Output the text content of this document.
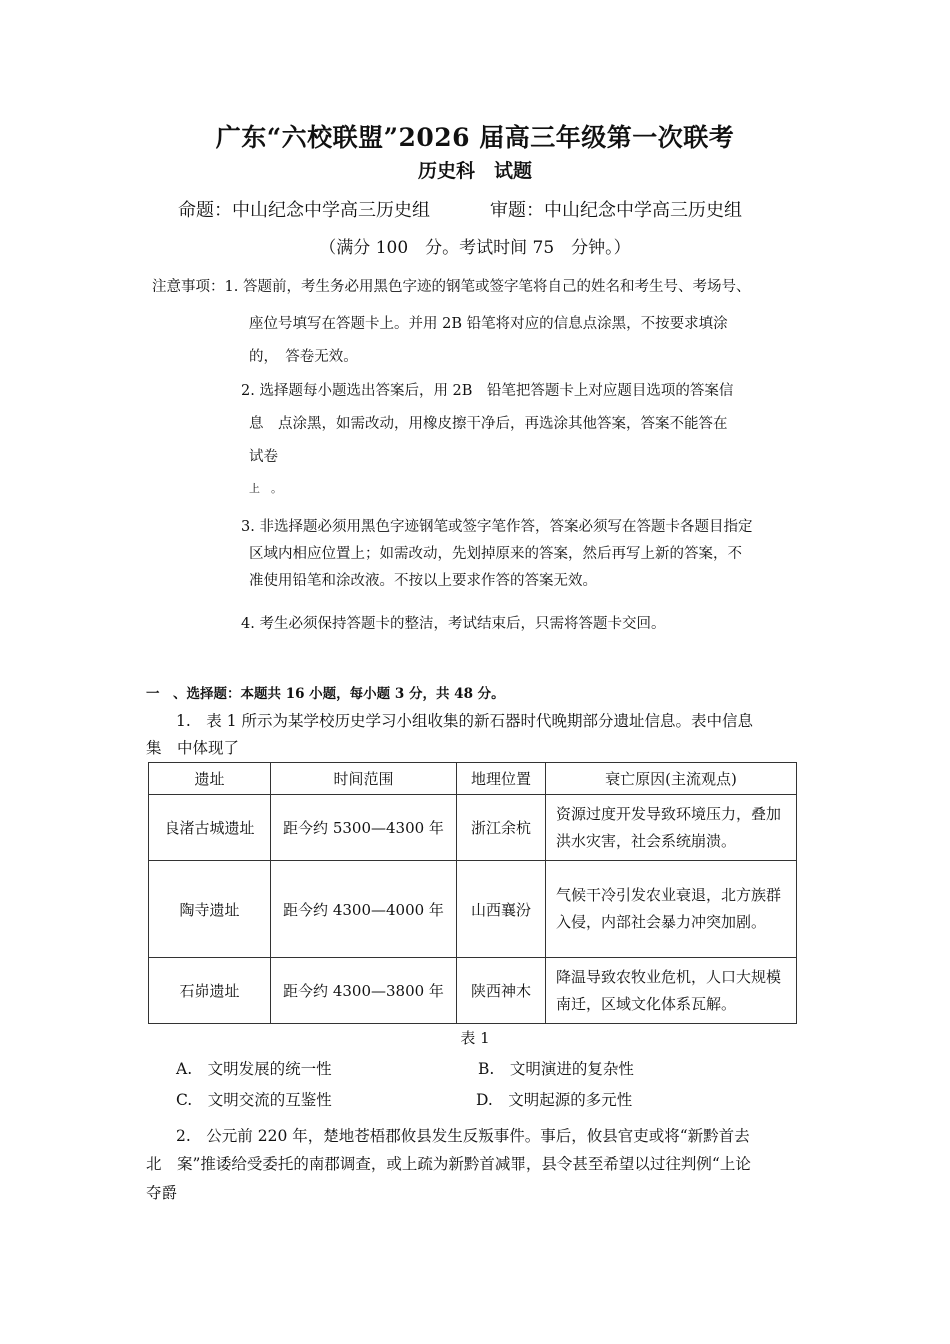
广东“六校联盟”2026 届高三年级第一次联考
历史科　试题
命题：中山纪念中学高三历史组	审题：中山纪念中学高三历史组
（满分 100　分。考试时间 75　分钟。）
注意事项：1. 答题前，考生务必用黑色字迹的钢笔或签字笔将自己的姓名和考生号、考场号、
座位号填写在答题卡上。并用 2B 铅笔将对应的信息点涂黑，不按要求填涂
的，　答卷无效。
2. 选择题每小题选出答案后，用 2B　铅笔把答题卡上对应题目选项的答案信
息　点涂黑，如需改动，用橡皮擦干净后，再选涂其他答案，答案不能答在
试卷
上　。
3. 非选择题必须用黑色字迹钢笔或签字笔作答，答案必须写在答题卡各题目指定
区域内相应位置上；如需改动，先划掉原来的答案，然后再写上新的答案，不
准使用铅笔和涂改液。不按以上要求作答的答案无效。
4. 考生必须保持答题卡的整洁，考试结束后，只需将答题卡交回。
一　、选择题：本题共 16 小题，每小题 3 分，共 48 分。
1.　表 1 所示为某学校历史学习小组收集的新石器时代晚期部分遗址信息。表中信息
集　中体现了
遗址	时间范围	地理位置	衰亡原因(主流观点)
良渚古城遗址	距今约 5300—4300 年	浙江余杭	资源过度开发导致环境压力，叠加洪水灾害，社会系统崩溃。
陶寺遗址	距今约 4300—4000 年	山西襄汾	气候干冷引发农业衰退，北方族群入侵，内部社会暴力冲突加剧。
石峁遗址	距今约 4300—3800 年	陕西神木	降温导致农牧业危机，人口大规模南迁，区域文化体系瓦解。
表 1
A.　文明发展的统一性	B.　文明演进的复杂性
C.　文明交流的互鉴性	D.　文明起源的多元性
2.　公元前 220 年，楚地苍梧郡攸县发生反叛事件。事后，攸县官吏或将“新黔首去
北　案”推诿给受委托的南郡调查，或上疏为新黔首减罪，县令甚至希望以过往判例“上论
夺爵
